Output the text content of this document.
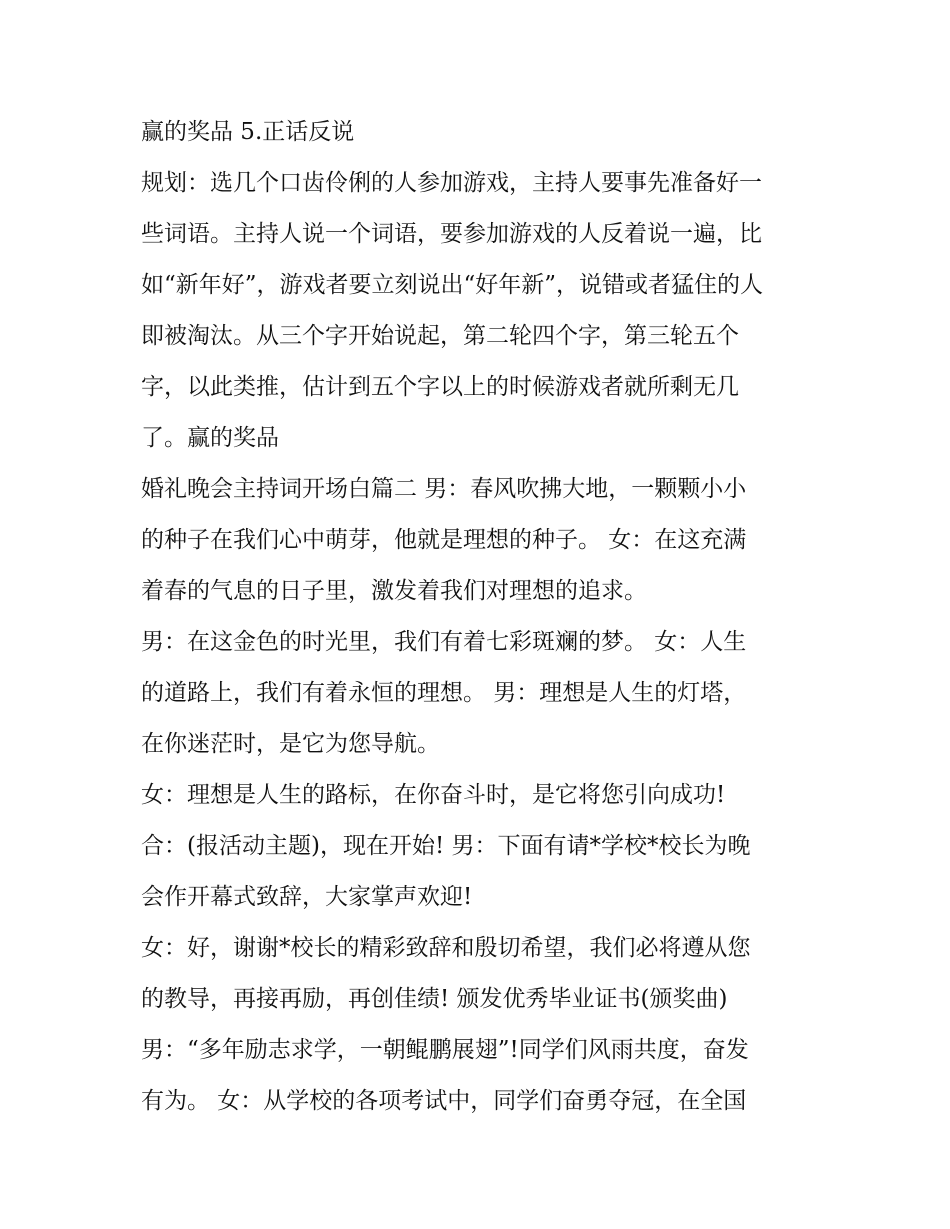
赢的奖品 5.正话反说
规划：选几个口齿伶俐的人参加游戏，主持人要事先准备好一
些词语。主持人说一个词语，要参加游戏的人反着说一遍，比
如“新年好”，游戏者要立刻说出“好年新”，说错或者猛住的人
即被淘汰。从三个字开始说起，第二轮四个字，第三轮五个
字，以此类推，估计到五个字以上的时候游戏者就所剩无几
了。赢的奖品
婚礼晚会主持词开场白篇二 男：春风吹拂大地，一颗颗小小
的种子在我们心中萌芽，他就是理想的种子。 女：在这充满
着春的气息的日子里，激发着我们对理想的追求。
男：在这金色的时光里，我们有着七彩斑斓的梦。 女：人生
的道路上，我们有着永恒的理想。 男：理想是人生的灯塔，
在你迷茫时，是它为您导航。
女：理想是人生的路标，在你奋斗时，是它将您引向成功!
合：(报活动主题)，现在开始! 男：下面有请*学校*校长为晚
会作开幕式致辞，大家掌声欢迎!
女：好，谢谢*校长的精彩致辞和殷切希望，我们必将遵从您
的教导，再接再励，再创佳绩! 颁发优秀毕业证书(颁奖曲)
男：“多年励志求学，一朝鲲鹏展翅”!同学们风雨共度，奋发
有为。 女：从学校的各项考试中，同学们奋勇夺冠，在全国
